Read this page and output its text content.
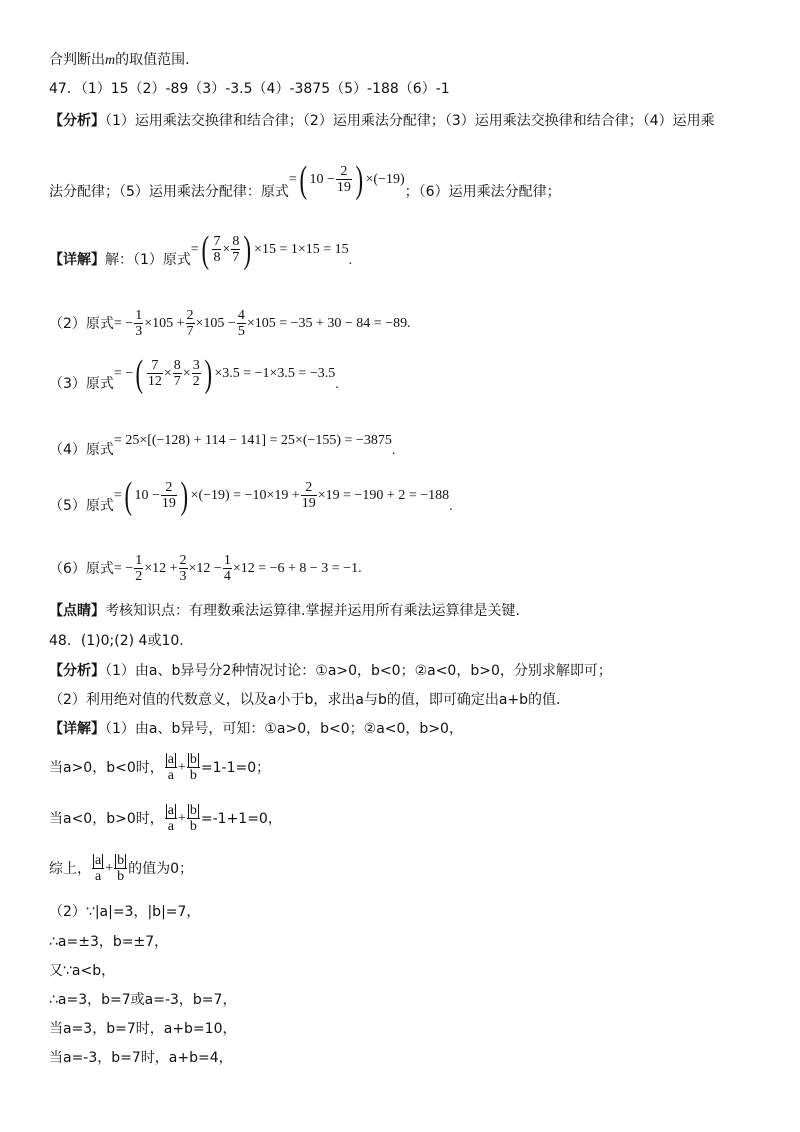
合判断出m的取值范围.
47．（1）15（2）-89（3）-3.5（4）-3875（5）-188（6）-1
【分析】（1）运用乘法交换律和结合律；（2）运用乘法分配律；（3）运用乘法交换律和结合律；（4）运用乘
法分配律；（5）运用乘法分配律：原式=( $10 - \frac{2}{19}$ ) ×(−19)；（6）运用乘法分配律；
【详解】解：（1）原式=( $\frac{7}{8} \times \frac{8}{7}$ ) ×15 = 1×15 = 15.
（2）原式= − $\frac{1}{3} \times 105 + \frac{2}{7} \times 105 - \frac{4}{5} \times 105 = -35 + 30 - 84 = -89$.
（3）原式= −( $\frac{7}{12} \times \frac{8}{7} \times \frac{3}{2}$ ) ×3.5 = −1×3.5 = −3.5.
（4）原式= 25×[(−128) + 114 − 141] = 25×(−155) = −3875.
（5）原式=( $10 - \frac{2}{19}$ ) $\times(-19) = -10\times 19 + \frac{2}{19} \times 19 = -190 + 2 = -188$.
（6）原式= − $\frac{1}{2} \times 12 + \frac{2}{3} \times 12 - \frac{1}{4} \times 12 = -6 + 8 - 3 = -1$.
【点睛】考核知识点：有理数乘法运算律.掌握并运用所有乘法运算律是关键.
48．(1)0;(2) 4或10.
【分析】（1）由a、b异号分2种情况讨论：①a>0，b<0；②a<0，b>0，分别求解即可；
（2）利用绝对值的代数意义，以及a小于b，求出a与b的值，即可确定出a+b的值.
【详解】（1）由a、b异号，可知：①a>0，b<0；②a<0，b>0，
当a>0，b<0时， $\frac{a}{a} + \frac{b}{b} =1-1=0$；
当a<0，b>0时， $\frac{a}{a} + \frac{b}{b} =-1+1=0$，
综上， $\frac{a}{a} + \frac{b}{b}$ 的值为0；
（2）∵|a|=3，|b|=7，
∴a=±3，b=±7，
又∵a<b，
∴a=3，b=7或a=-3，b=7，
当a=3，b=7时，a+b=10，
当a=-3，b=7时，a+b=4，
